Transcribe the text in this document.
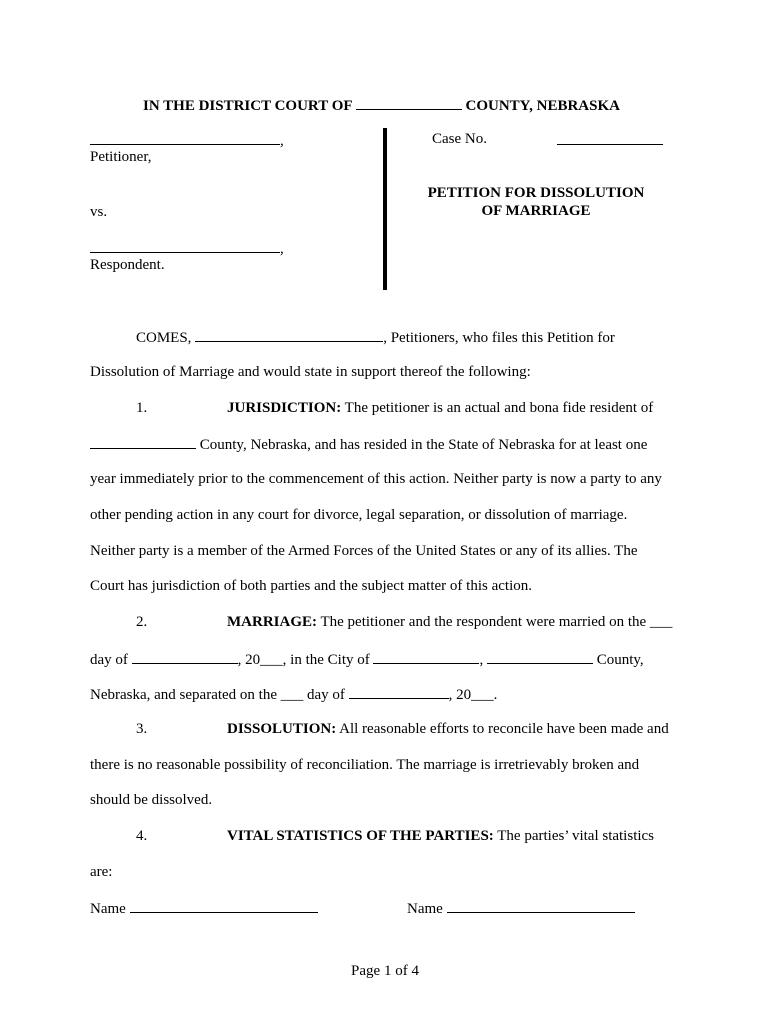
IN THE DISTRICT COURT OF	COUNTY, NEBRASKA
,
Petitioner,
vs.
,
Respondent.
Case No.
PETITION FOR DISSOLUTION
OF MARRIAGE
COMES,	, Petitioners, who files this Petition for
Dissolution of Marriage and would state in support thereof the following:
1.	JURISDICTION: The petitioner is an actual and bona fide resident of
County, Nebraska, and has resided in the State of Nebraska for at least one
year immediately prior to the commencement of this action. Neither party is now a party to any
other pending action in any court for divorce, legal separation, or dissolution of marriage.
Neither party is a member of the Armed Forces of the United States or any of its allies. The
Court has jurisdiction of both parties and the subject matter of this action.
2.	MARRIAGE: The petitioner and the respondent were married on the ___
day of	, 20___, in the City of	,	County,
Nebraska, and separated on the ___ day of	, 20___.
3.	DISSOLUTION: All reasonable efforts to reconcile have been made and
there is no reasonable possibility of reconciliation. The marriage is irretrievably broken and
should be dissolved.
4.	VITAL STATISTICS OF THE PARTIES: The parties’ vital statistics
are:
Name	Name
Page 1 of 4
